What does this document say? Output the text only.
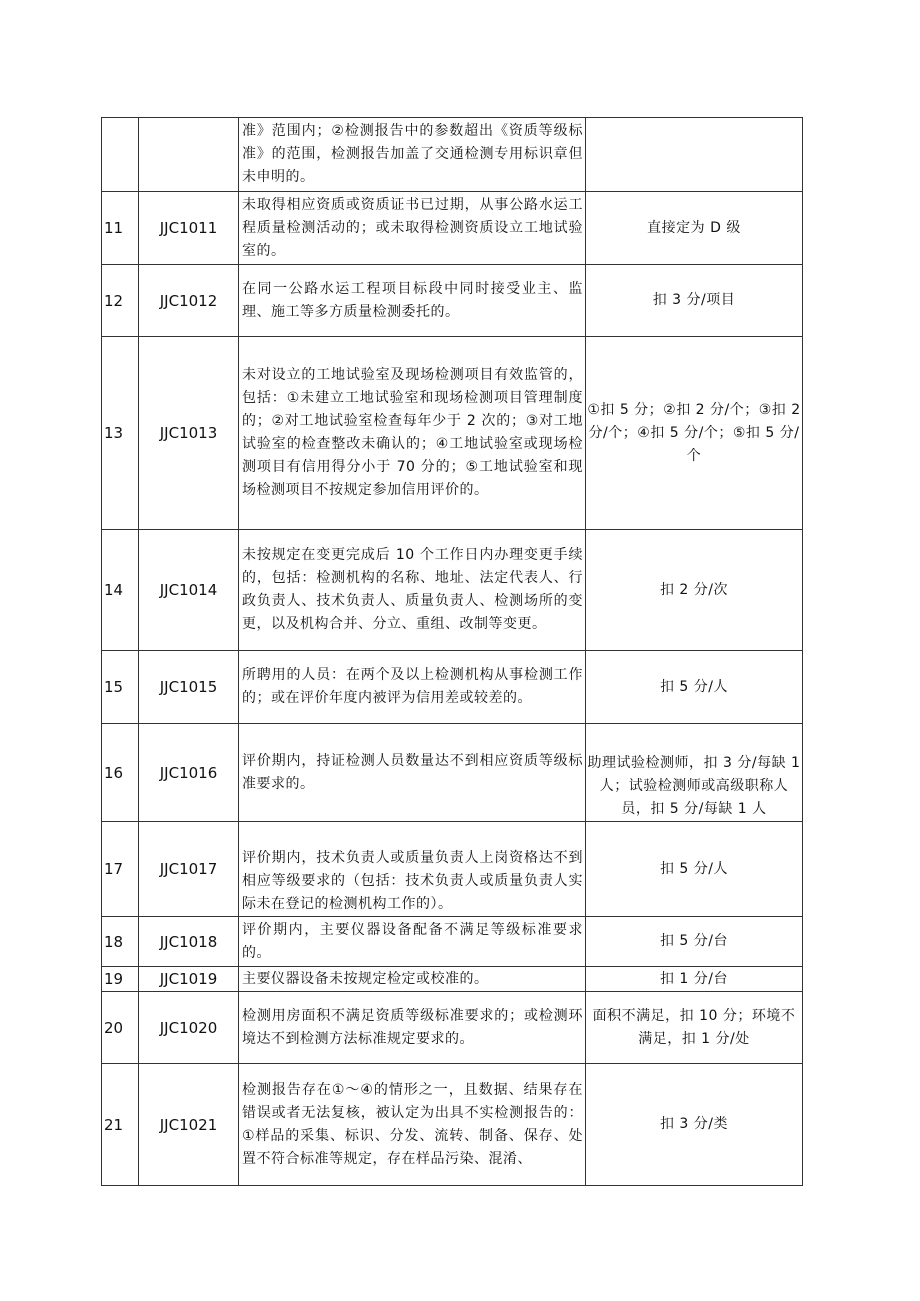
		准》范围内；②检测报告中的参数超出《资质等级标准》的范围，检测报告加盖了交通检测专用标识章但未申明的。	
11	JJC1011	未取得相应资质或资质证书已过期，从事公路水运工程质量检测活动的；或未取得检测资质设立工地试验室的。	直接定为 D 级
12	JJC1012	在同一公路水运工程项目标段中同时接受业主、监理、施工等多方质量检测委托的。	扣 3 分/项目
13	JJC1013	未对设立的工地试验室及现场检测项目有效监管的，包括：①未建立工地试验室和现场检测项目管理制度的；②对工地试验室检查每年少于 2 次的；③对工地试验室的检查整改未确认的；④工地试验室或现场检测项目有信用得分小于 70 分的；⑤工地试验室和现场检测项目不按规定参加信用评价的。	①扣 5 分；②扣 2 分/个；③扣 2 分/个；④扣 5 分/个；⑤扣 5 分/个
14	JJC1014	未按规定在变更完成后 10 个工作日内办理变更手续的，包括：检测机构的名称、地址、法定代表人、行政负责人、技术负责人、质量负责人、检测场所的变更，以及机构合并、分立、重组、改制等变更。	扣 2 分/次
15	JJC1015	所聘用的人员：在两个及以上检测机构从事检测工作的；或在评价年度内被评为信用差或较差的。	扣 5 分/人
16	JJC1016	评价期内，持证检测人员数量达不到相应资质等级标准要求的。	助理试验检测师，扣 3 分/每缺 1 人；试验检测师或高级职称人员，扣 5 分/每缺 1 人
17	JJC1017	评价期内，技术负责人或质量负责人上岗资格达不到相应等级要求的（包括：技术负责人或质量负责人实际未在登记的检测机构工作的）。	扣 5 分/人
18	JJC1018	评价期内，主要仪器设备配备不满足等级标准要求的。	扣 5 分/台
19	JJC1019	主要仪器设备未按规定检定或校准的。	扣 1 分/台
20	JJC1020	检测用房面积不满足资质等级标准要求的；或检测环境达不到检测方法标准规定要求的。	面积不满足，扣 10 分；环境不满足，扣 1 分/处
21	JJC1021	检测报告存在①～④的情形之一，且数据、结果存在错误或者无法复核，被认定为出具不实检测报告的：①样品的采集、标识、分发、流转、制备、保存、处置不符合标准等规定，存在样品污染、混淆、	扣 3 分/类
